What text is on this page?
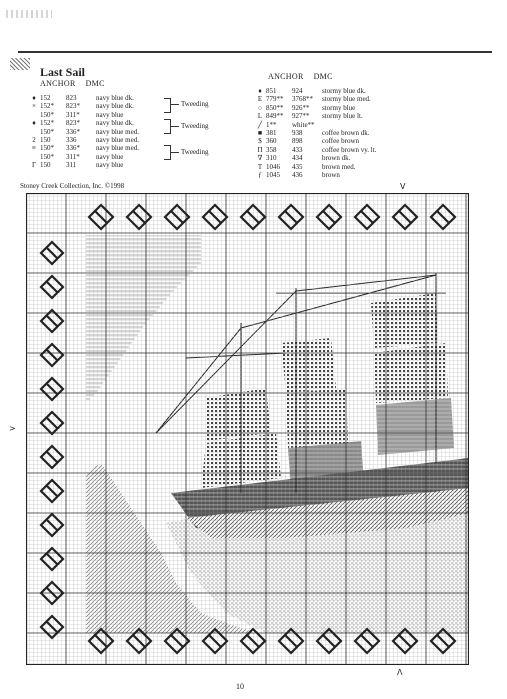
Last Sail
ANCHOR DMC
ANCHOR DMC
♦ 152	823	navy blue dk.
× 152*	823*	navy blue dk.
150*	311*	navy blue
♦ 152*	823*	navy blue dk.
150*	336*	navy blue med.
2 150	336	navy blue med.
≡ 150*	336*	navy blue med.
150*	311*	navy blue
Γ 150	311	navy blue
♦ 851	924	stormy blue dk.
E 779**	3768**	stormy blue med.
○ 850**	926**	stormy blue
L 849**	927**	stormy blue lt.
╱ 1**	white**
■ 381	938	coffee brown dk.
$ 360	898	coffee brown
Π 358	433	coffee brown vy. lt.
∇ 310	434	brown dk.
T 1046	435	brown med.
ƒ 1045	436	brown
Tweeding
Tweeding
Tweeding
Stoney Creek Collection, Inc. ©1998	V
>
Λ
10
